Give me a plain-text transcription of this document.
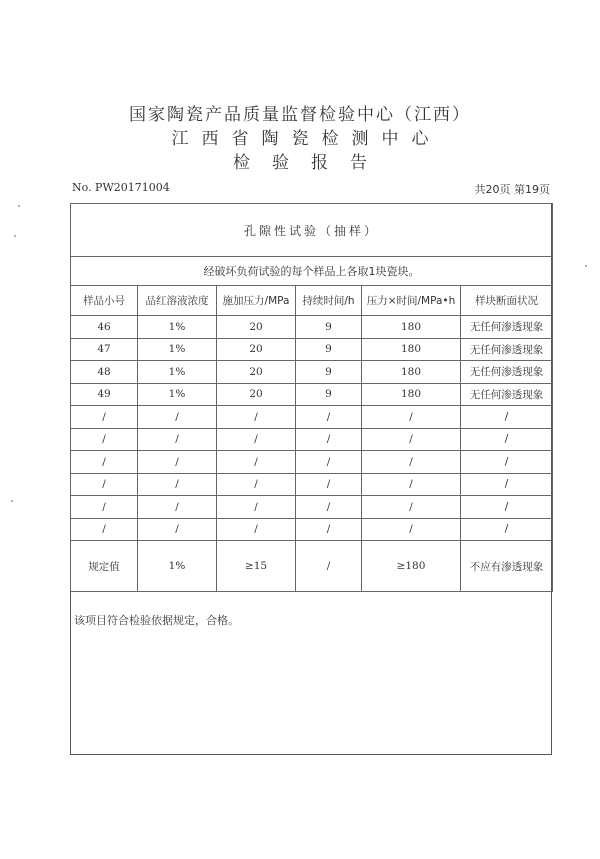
国家陶瓷产品质量监督检验中心（江西）
江西省陶瓷检测中心
检验报告
No. PW20171004	共20页 第19页
孔隙性试验（抽样）					
经破坏负荷试验的每个样品上各取1块瓷块。					
样品小号	品红溶液浓度	施加压力/MPa	持续时间/h	压力×时间/MPa•h	样块断面状况
46	1%	20	9	180	无任何渗透现象
47	1%	20	9	180	无任何渗透现象
48	1%	20	9	180	无任何渗透现象
49	1%	20	9	180	无任何渗透现象
/	/	/	/	/	/
/	/	/	/	/	/
/	/	/	/	/	/
/	/	/	/	/	/
/	/	/	/	/	/
/	/	/	/	/	/
规定值	1%	≥15	/	≥180	不应有渗透现象
该项目符合检验依据规定，合格。
